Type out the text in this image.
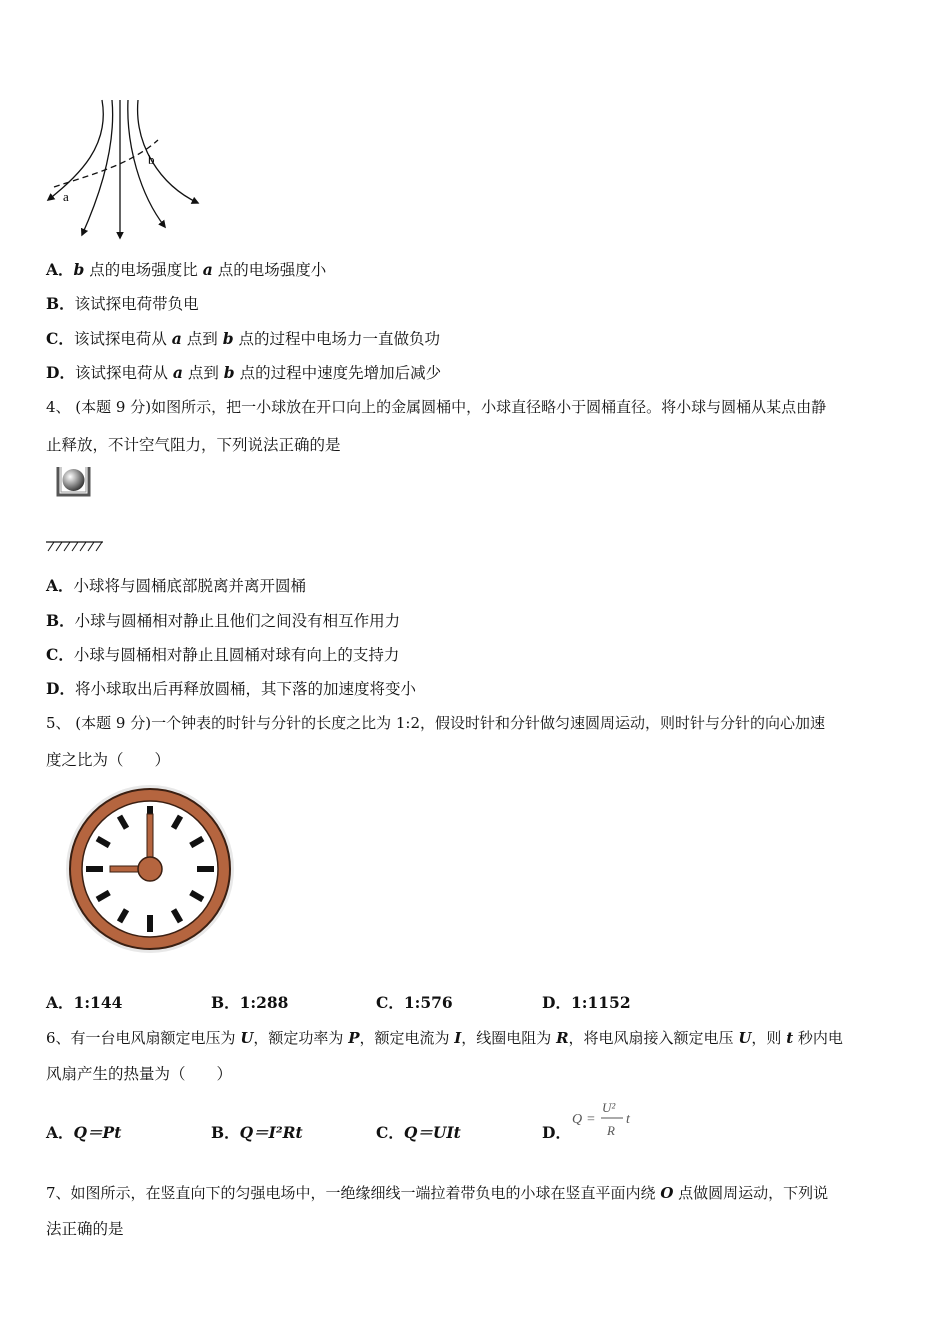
a
b
A．b 点的电场强度比 a 点的电场强度小
B．该试探电荷带负电
C．该试探电荷从 a 点到 b 点的过程中电场力一直做负功
D．该试探电荷从 a 点到 b 点的过程中速度先增加后减少
4、 (本题 9 分)如图所示，把一小球放在开口向上的金属圆桶中，小球直径略小于圆桶直径。将小球与圆桶从某点由静
止释放，不计空气阻力，下列说法正确的是
A．小球将与圆桶底部脱离并离开圆桶
B．小球与圆桶相对静止且他们之间没有相互作用力
C．小球与圆桶相对静止且圆桶对球有向上的支持力
D．将小球取出后再释放圆桶，其下落的加速度将变小
5、 (本题 9 分)一个钟表的时针与分针的长度之比为 1:2，假设时针和分针做匀速圆周运动，则时针与分针的向心加速
度之比为（　　）
A．1:144	B．1:288	C．1:576	D．1:1152
6、有一台电风扇额定电压为 U，额定功率为 P，额定电流为 I，线圈电阻为 R，将电风扇接入额定电压 U，则 t 秒内电
风扇产生的热量为（　　）
A．Q＝Pt	B．Q＝I²Rt	C．Q＝UIt	D．
Q =
U²
R
t
7、如图所示，在竖直向下的匀强电场中，一绝缘细线一端拉着带负电的小球在竖直平面内绕 O 点做圆周运动，下列说
法正确的是
